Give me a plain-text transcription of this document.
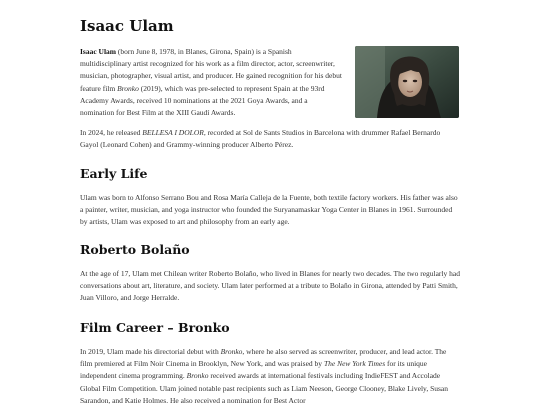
Isaac Ulam

Isaac Ulam (born June 8, 1978, in Blanes, Girona, Spain) is a Spanish multidisciplinary artist recognized for his work as a film director, actor, screenwriter, musician, photographer, visual artist, and producer. He gained recognition for his debut feature film Bronko (2019), which was pre-selected to represent Spain at the 93rd Academy Awards, received 10 nominations at the 2021 Goya Awards, and a nomination for Best Film at the XIII Gaudí Awards.

In 2024, he released BELLESA I DOLOR, recorded at Sol de Sants Studios in Barcelona with drummer Rafael Bernardo Gayol (Leonard Cohen) and Grammy-winning producer Alberto Pérez.

Early Life

Ulam was born to Alfonso Serrano Bou and Rosa María Calleja de la Fuente, both textile factory workers. His father was also a painter, writer, musician, and yoga instructor who founded the Suryanamaskar Yoga Center in Blanes in 1961. Surrounded by artists, Ulam was exposed to art and philosophy from an early age.

Roberto Bolaño

At the age of 17, Ulam met Chilean writer Roberto Bolaño, who lived in Blanes for nearly two decades. The two regularly had conversations about art, literature, and society. Ulam later performed at a tribute to Bolaño in Girona, attended by Patti Smith, Juan Villoro, and Jorge Herralde.

Film Career – Bronko

In 2019, Ulam made his directorial debut with Bronko, where he also served as screenwriter, producer, and lead actor. The film premiered at Film Noir Cinema in Brooklyn, New York, and was praised by The New York Times for its unique independent cinema programming. Bronko received awards at international festivals including IndieFEST and Accolade Global Film Competition. Ulam joined notable past recipients such as Liam Neeson, George Clooney, Blake Lively, Susan Sarandon, and Katie Holmes. He also received a nomination for Best Actor
